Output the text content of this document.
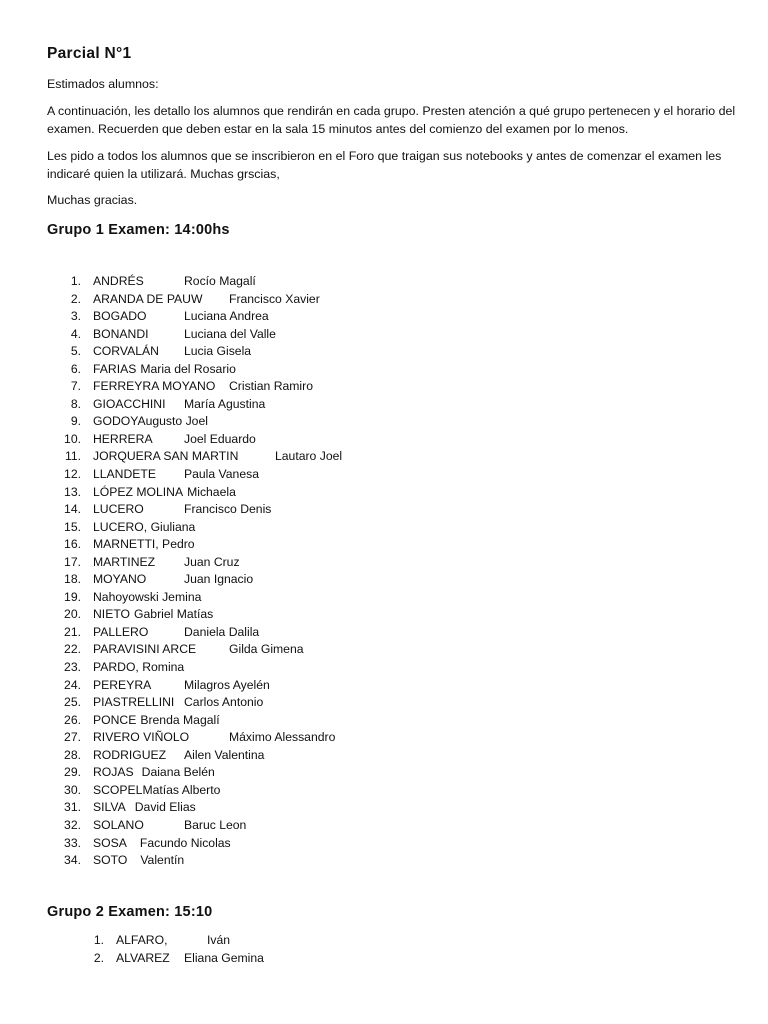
Parcial N°1
Estimados alumnos:
A continuación, les detallo los alumnos que rendirán en cada grupo. Presten atención a qué grupo pertenecen y el horario del examen. Recuerden que deben estar en la sala 15 minutos antes del comienzo del examen por lo menos.
Les pido a todos los alumnos que se inscribieron en el Foro que traigan sus notebooks y antes de comenzar el examen les indicaré quien la utilizará. Muchas grscias,
Muchas gracias.
Grupo 1 Examen: 14:00hs
1. ANDRÉS	Rocío Magalí
2. ARANDA DE PAUW Francisco Xavier
3. BOGADO	Luciana Andrea
4. BONANDI	Luciana del Valle
5. CORVALÁN Lucia Gisela
6. FARIAS Maria del Rosario
7. FERREYRA MOYANO Cristian Ramiro
8. GIOACCHINI María Agustina
9. GODOYAugusto Joel
10. HERRERA	Joel Eduardo
11. JORQUERA SAN MARTIN	Lautaro Joel
12. LLANDETE Paula Vanesa
13. LÓPEZ MOLINA Michaela
14. LUCERO	Francisco Denis
15. LUCERO, Giuliana
16. MARNETTI, Pedro
17. MARTINEZ Juan Cruz
18. MOYANO	Juan Ignacio
19. Nahoyowski Jemina
20. NIETO Gabriel Matías
21. PALLERO	Daniela Dalila
22. PARAVISINI ARCE	Gilda Gimena
23. PARDO, Romina
24. PEREYRA	Milagros Ayelén
25. PIASTRELLINI Carlos Antonio
26. PONCE Brenda Magalí
27. RIVERO VIÑOLO	Máximo Alessandro
28. RODRIGUEZ Ailen Valentina
29. ROJAS Daiana Belén
30. SCOPELMatías Alberto
31. SILVA David Elias
32. SOLANO	Baruc Leon
33. SOSA Facundo Nicolas
34. SOTO Valentín
Grupo 2 Examen: 15:10
1. ALFARO,	Iván
2. ALVAREZ Eliana Gemina
